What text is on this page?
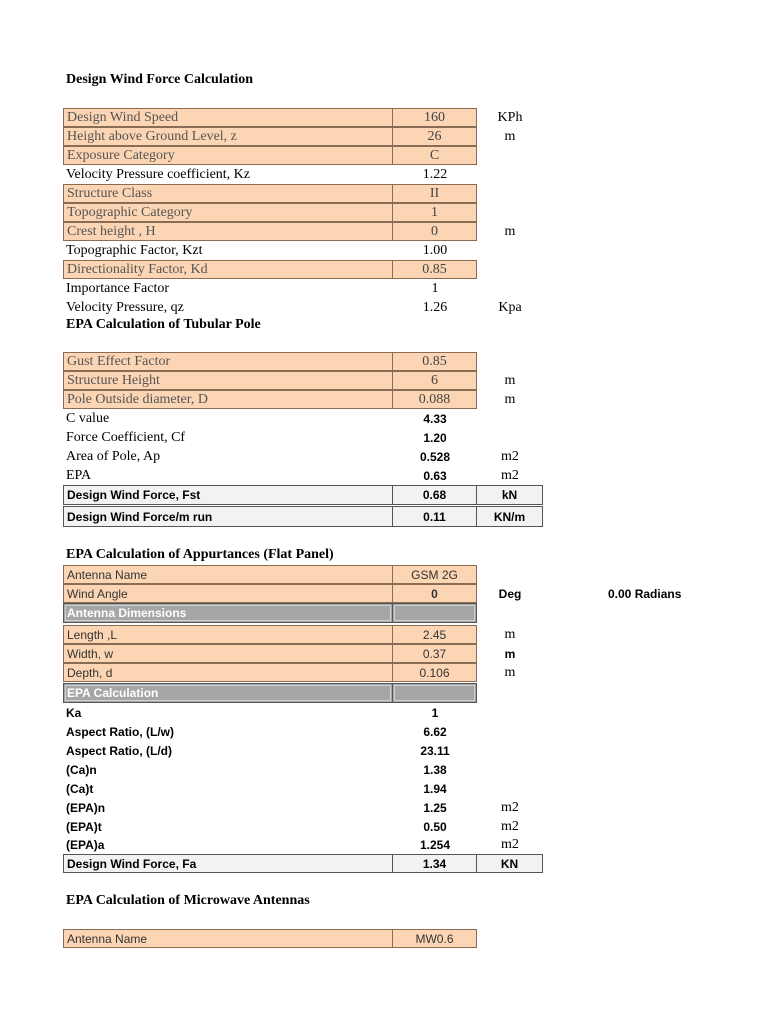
Design Wind Force Calculation
Design Wind Speed	160	KPh
Height above Ground Level, z	26	m
Exposure Category	C
Velocity Pressure coefficient, Kz	1.22
Structure Class	II
Topographic Category	1
Crest height , H	0	m
Topographic Factor, Kzt	1.00
Directionality Factor, Kd	0.85
Importance Factor	1
Velocity Pressure, qz	1.26	Kpa
EPA Calculation of Tubular Pole
Gust Effect Factor	0.85
Structure Height	6	m
Pole Outside diameter, D	0.088	m
C value	4.33
Force Coefficient, Cf	1.20
Area of Pole, Ap	0.528	m2
EPA	0.63	m2
Design Wind Force, Fst	0.68	kN
Design Wind Force/m run	0.11	KN/m
EPA Calculation of Appurtances (Flat Panel)
Antenna Name	GSM 2G
Wind Angle	0	Deg	0.00 Radians
Antenna Dimensions
Length ,L	2.45	m
Width, w	0.37	m
Depth, d	0.106	m
EPA Calculation
Ka	1
Aspect Ratio, (L/w)	6.62
Aspect Ratio, (L/d)	23.11
(Ca)n	1.38
(Ca)t	1.94
(EPA)n	1.25	m2
(EPA)t	0.50	m2
(EPA)a	1.254	m2
Design Wind Force, Fa	1.34	KN
EPA Calculation of Microwave Antennas
Antenna Name	MW0.6
